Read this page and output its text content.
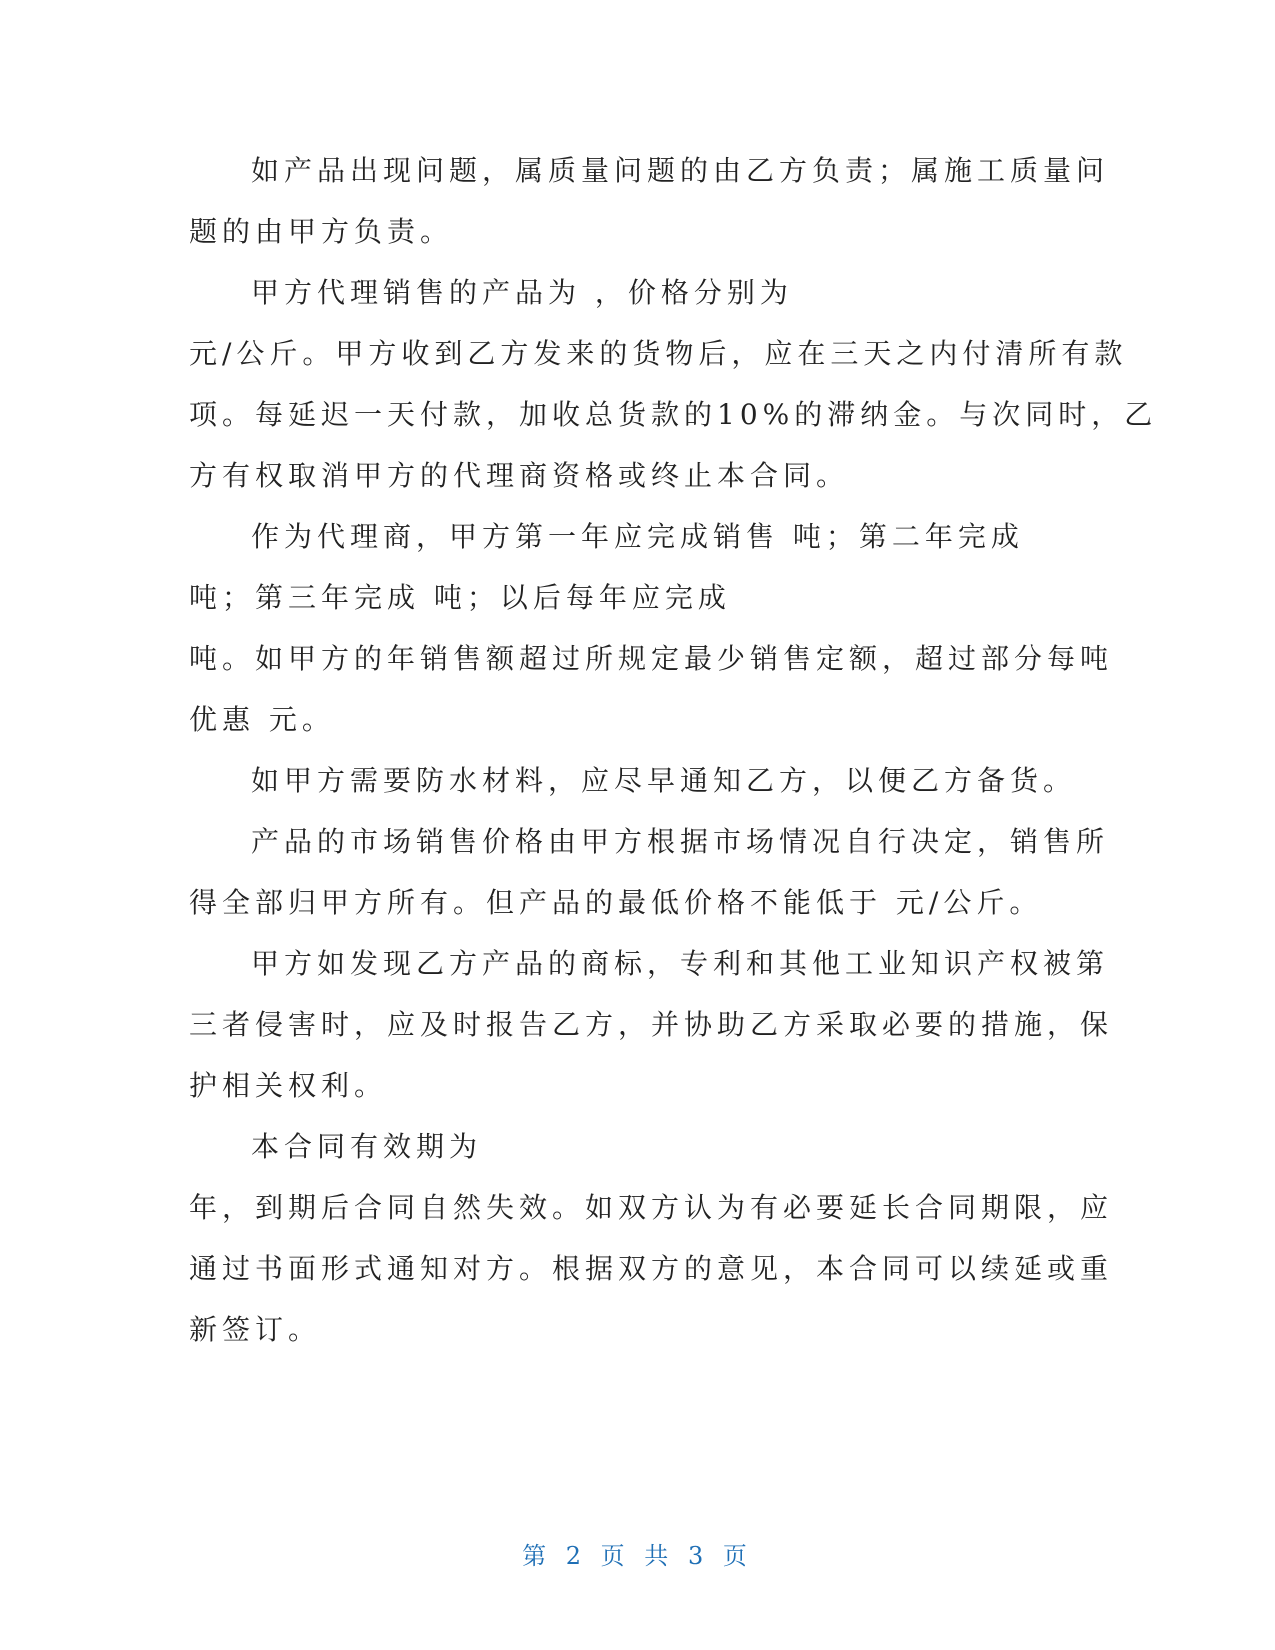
如产品出现问题，属质量问题的由乙方负责；属施工质量问
题的由甲方负责。
甲方代理销售的产品为 ，价格分别为
元/公斤。甲方收到乙方发来的货物后，应在三天之内付清所有款
项。每延迟一天付款，加收总货款的10%的滞纳金。与次同时，乙
方有权取消甲方的代理商资格或终止本合同。
作为代理商，甲方第一年应完成销售 吨；第二年完成
吨；第三年完成 吨；以后每年应完成
吨。如甲方的年销售额超过所规定最少销售定额，超过部分每吨
优惠 元。
如甲方需要防水材料，应尽早通知乙方，以便乙方备货。
产品的市场销售价格由甲方根据市场情况自行决定，销售所
得全部归甲方所有。但产品的最低价格不能低于 元/公斤。
甲方如发现乙方产品的商标，专利和其他工业知识产权被第
三者侵害时，应及时报告乙方，并协助乙方采取必要的措施，保
护相关权利。
本合同有效期为
年，到期后合同自然失效。如双方认为有必要延长合同期限，应
通过书面形式通知对方。根据双方的意见，本合同可以续延或重
新签订。
第 2 页 共 3 页
